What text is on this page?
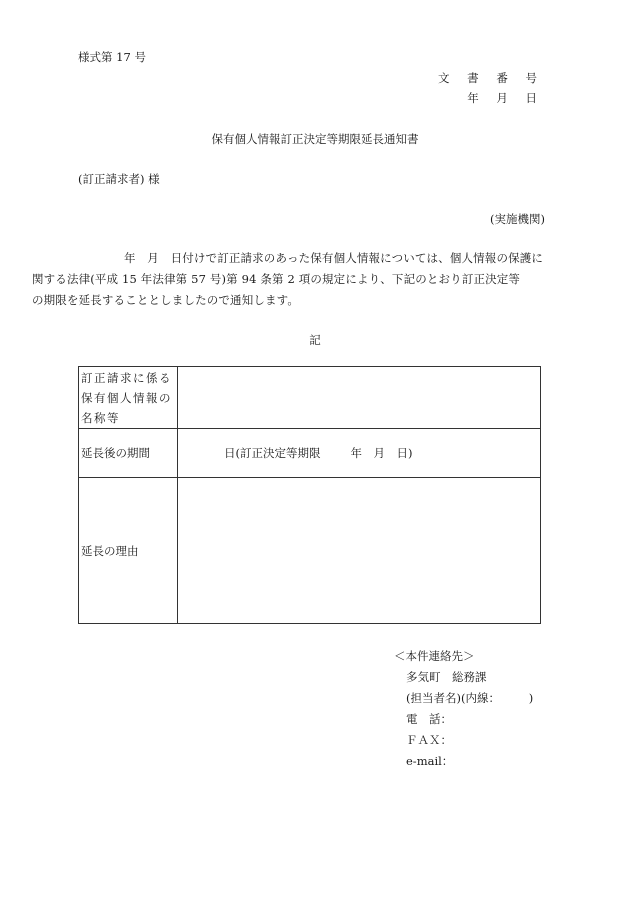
様式第 17 号
文 書 番 号
年 月 日
保有個人情報訂正決定等期限延長通知書
(訂正請求者) 様
(実施機関)
年　月　日付けで訂正請求のあった保有個人情報については、個人情報の保護に
関する法律(平成 15 年法律第 57 号)第 94 条第 2 項の規定により、下記のとおり訂正決定等
の期限を延長することとしましたので通知します。
記
訂正請求に係る保有個人情報の名称等	
延長後の期間	日(訂正決定等期限 年　月　日)
延長の理由	
＜本件連絡先＞
多気町　総務課
(担当者名)(内線：　　　)
電　話：
ＦＡＸ：
e-mail：
